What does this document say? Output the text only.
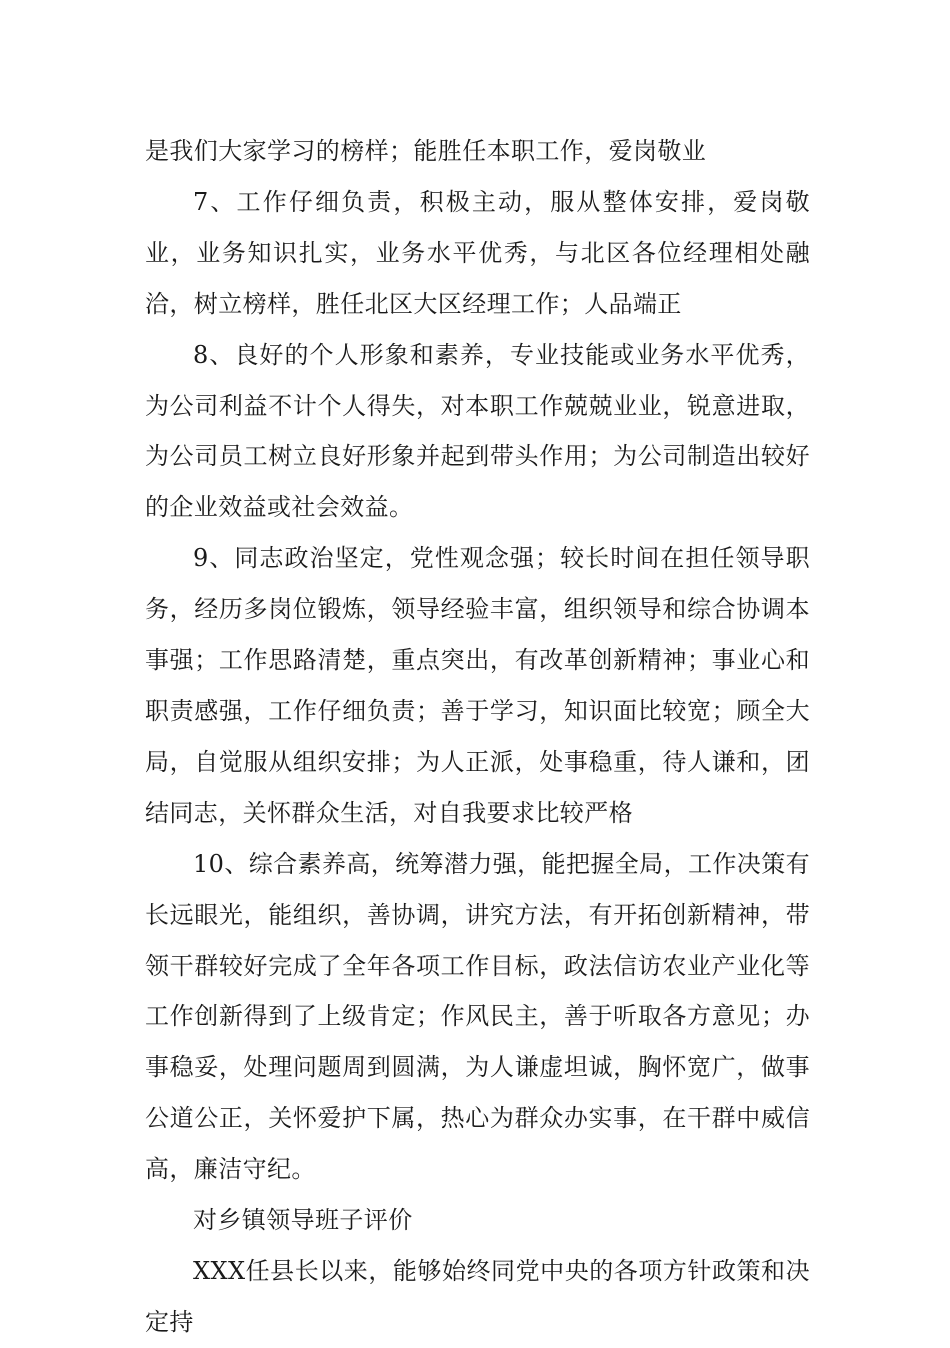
是我们大家学习的榜样；能胜任本职工作，爱岗敬业

7、工作仔细负责，积极主动，服从整体安排，爱岗敬业，业务知识扎实，业务水平优秀，与北区各位经理相处融洽，树立榜样，胜任北区大区经理工作；人品端正

8、良好的个人形象和素养，专业技能或业务水平优秀，为公司利益不计个人得失，对本职工作兢兢业业，锐意进取，为公司员工树立良好形象并起到带头作用；为公司制造出较好的企业效益或社会效益。

9、同志政治坚定，党性观念强；较长时间在担任领导职务，经历多岗位锻炼，领导经验丰富，组织领导和综合协调本事强；工作思路清楚，重点突出，有改革创新精神；事业心和职责感强，工作仔细负责；善于学习，知识面比较宽；顾全大局，自觉服从组织安排；为人正派，处事稳重，待人谦和，团结同志，关怀群众生活，对自我要求比较严格

10、综合素养高，统筹潜力强，能把握全局，工作决策有长远眼光，能组织，善协调，讲究方法，有开拓创新精神，带领干群较好完成了全年各项工作目标，政法信访农业产业化等工作创新得到了上级肯定；作风民主，善于听取各方意见；办事稳妥，处理问题周到圆满，为人谦虚坦诚，胸怀宽广，做事公道公正，关怀爱护下属，热心为群众办实事，在干群中威信高，廉洁守纪。

对乡镇领导班子评价

XXX任县长以来，能够始终同党中央的各项方针政策和决定持
